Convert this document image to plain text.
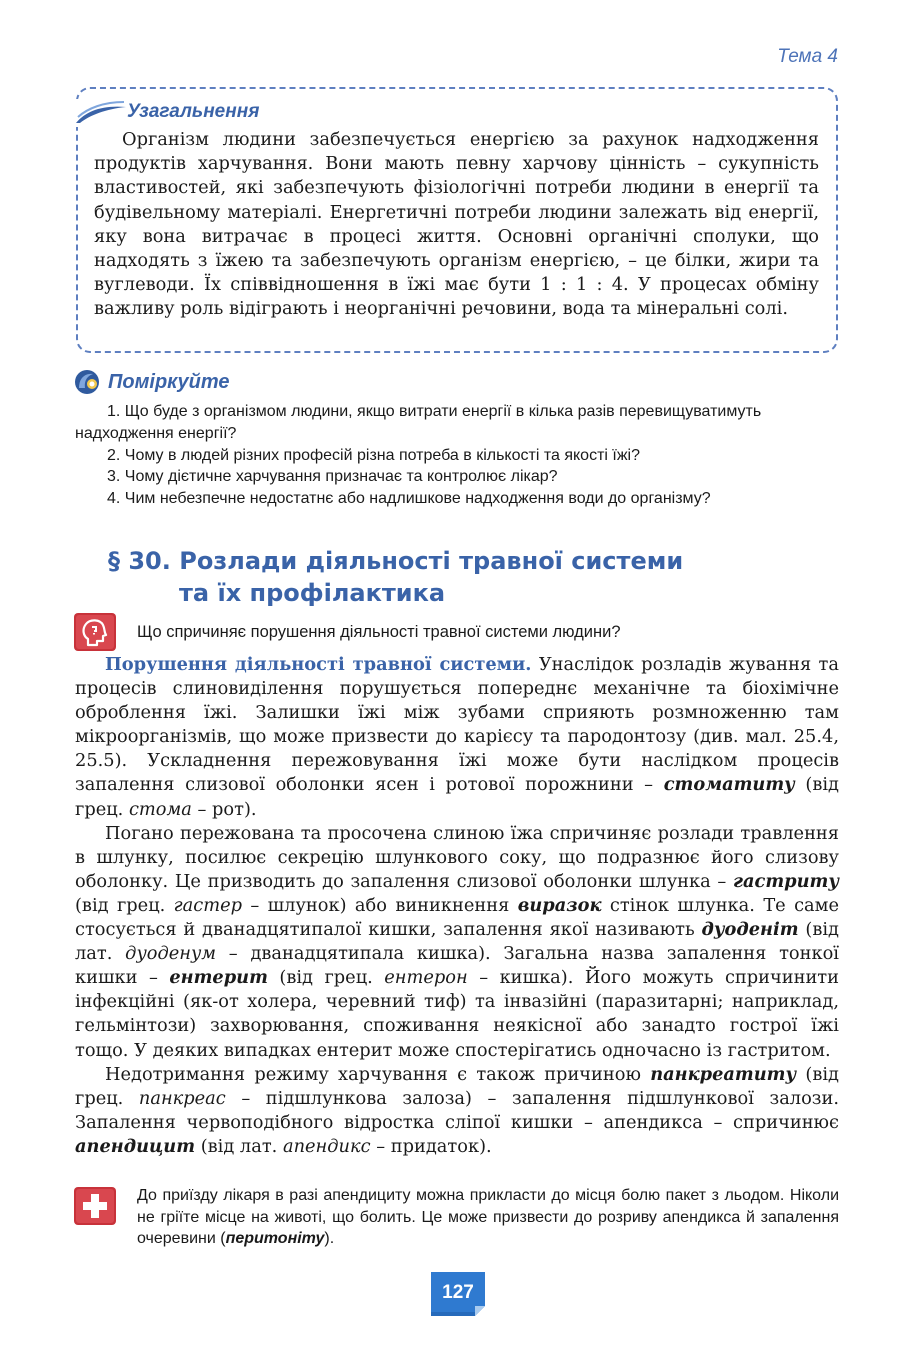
Тема 4
Узагальнення

Організм людини забезпечується енергією за рахунок надходження продуктів харчування. Вони мають певну харчову цінність – сукупність властивостей, які забезпечують фізіологічні потреби людини в енергії та будівельному матеріалі. Енергетичні потреби людини залежать від енергії, яку вона витрачає в процесі життя. Основні органічні сполуки, що надходять з їжею та забезпечують організм енергією, – це білки, жири та вуглеводи. Їх співвідношення в їжі має бути 1 : 1 : 4. У процесах обміну важливу роль відіграють і неорганічні речовини, вода та мінеральні солі.

Поміркуйте
1. Що буде з організмом людини, якщо витрати енергії в кілька разів перевищуватимуть надходження енергії?
2. Чому в людей різних професій різна потреба в кількості та якості їжі?
3. Чому дієтичне харчування призначає та контролює лікар?
4. Чим небезпечне недостатнє або надлишкове надходження води до організму?
§ 30. Розлади діяльності травної системи
та їх профілактика
Що спричиняє порушення діяльності травної системи людини?

Порушення діяльності травної системи. Унаслідок розладів жування та процесів слиновиділення порушується попереднє механічне та біохімічне оброблення їжі. Залишки їжі між зубами сприяють розмноженню там мікроорганізмів, що може призвести до карієсу та пародонтозу (див. мал. 25.4, 25.5). Ускладнення пережовування їжі може бути наслідком процесів запалення слизової оболонки ясен і ротової порожнини – стоматиту (від грец. стома – рот).

Погано пережована та просочена слиною їжа спричиняє розлади травлення в шлунку, посилює секрецію шлункового соку, що подразнює його слизову оболонку. Це призводить до запалення слизової оболонки шлунка – гастриту (від грец. гастер – шлунок) або виникнення виразок стінок шлунка. Те саме стосується й дванадцятипалої кишки, запалення якої називають дуоденіт (від лат. дуоденум – дванадцятипала кишка). Загальна назва запалення тонкої кишки – ентерит (від грец. ентерон – кишка). Його можуть спричинити інфекційні (як-от холера, черевний тиф) та інвазійні (паразитарні; наприклад, гельмінтози) захворювання, споживання неякісної або занадто гострої їжі тощо. У деяких випадках ентерит може спостерігатись одночасно із гастритом.

Недотримання режиму харчування є також причиною панкреатиту (від грец. панкреас – підшлункова залоза) – запалення підшлункової залози. Запалення червоподібного відростка сліпої кишки – апендикса – спричинює апендицит (від лат. апендикс – придаток).

До приїзду лікаря в разі апендициту можна прикласти до місця болю пакет з льодом. Ніколи не гріїте місце на животі, що болить. Це може призвести до розриву апендикса й запалення очеревини (перитоніту).

127
